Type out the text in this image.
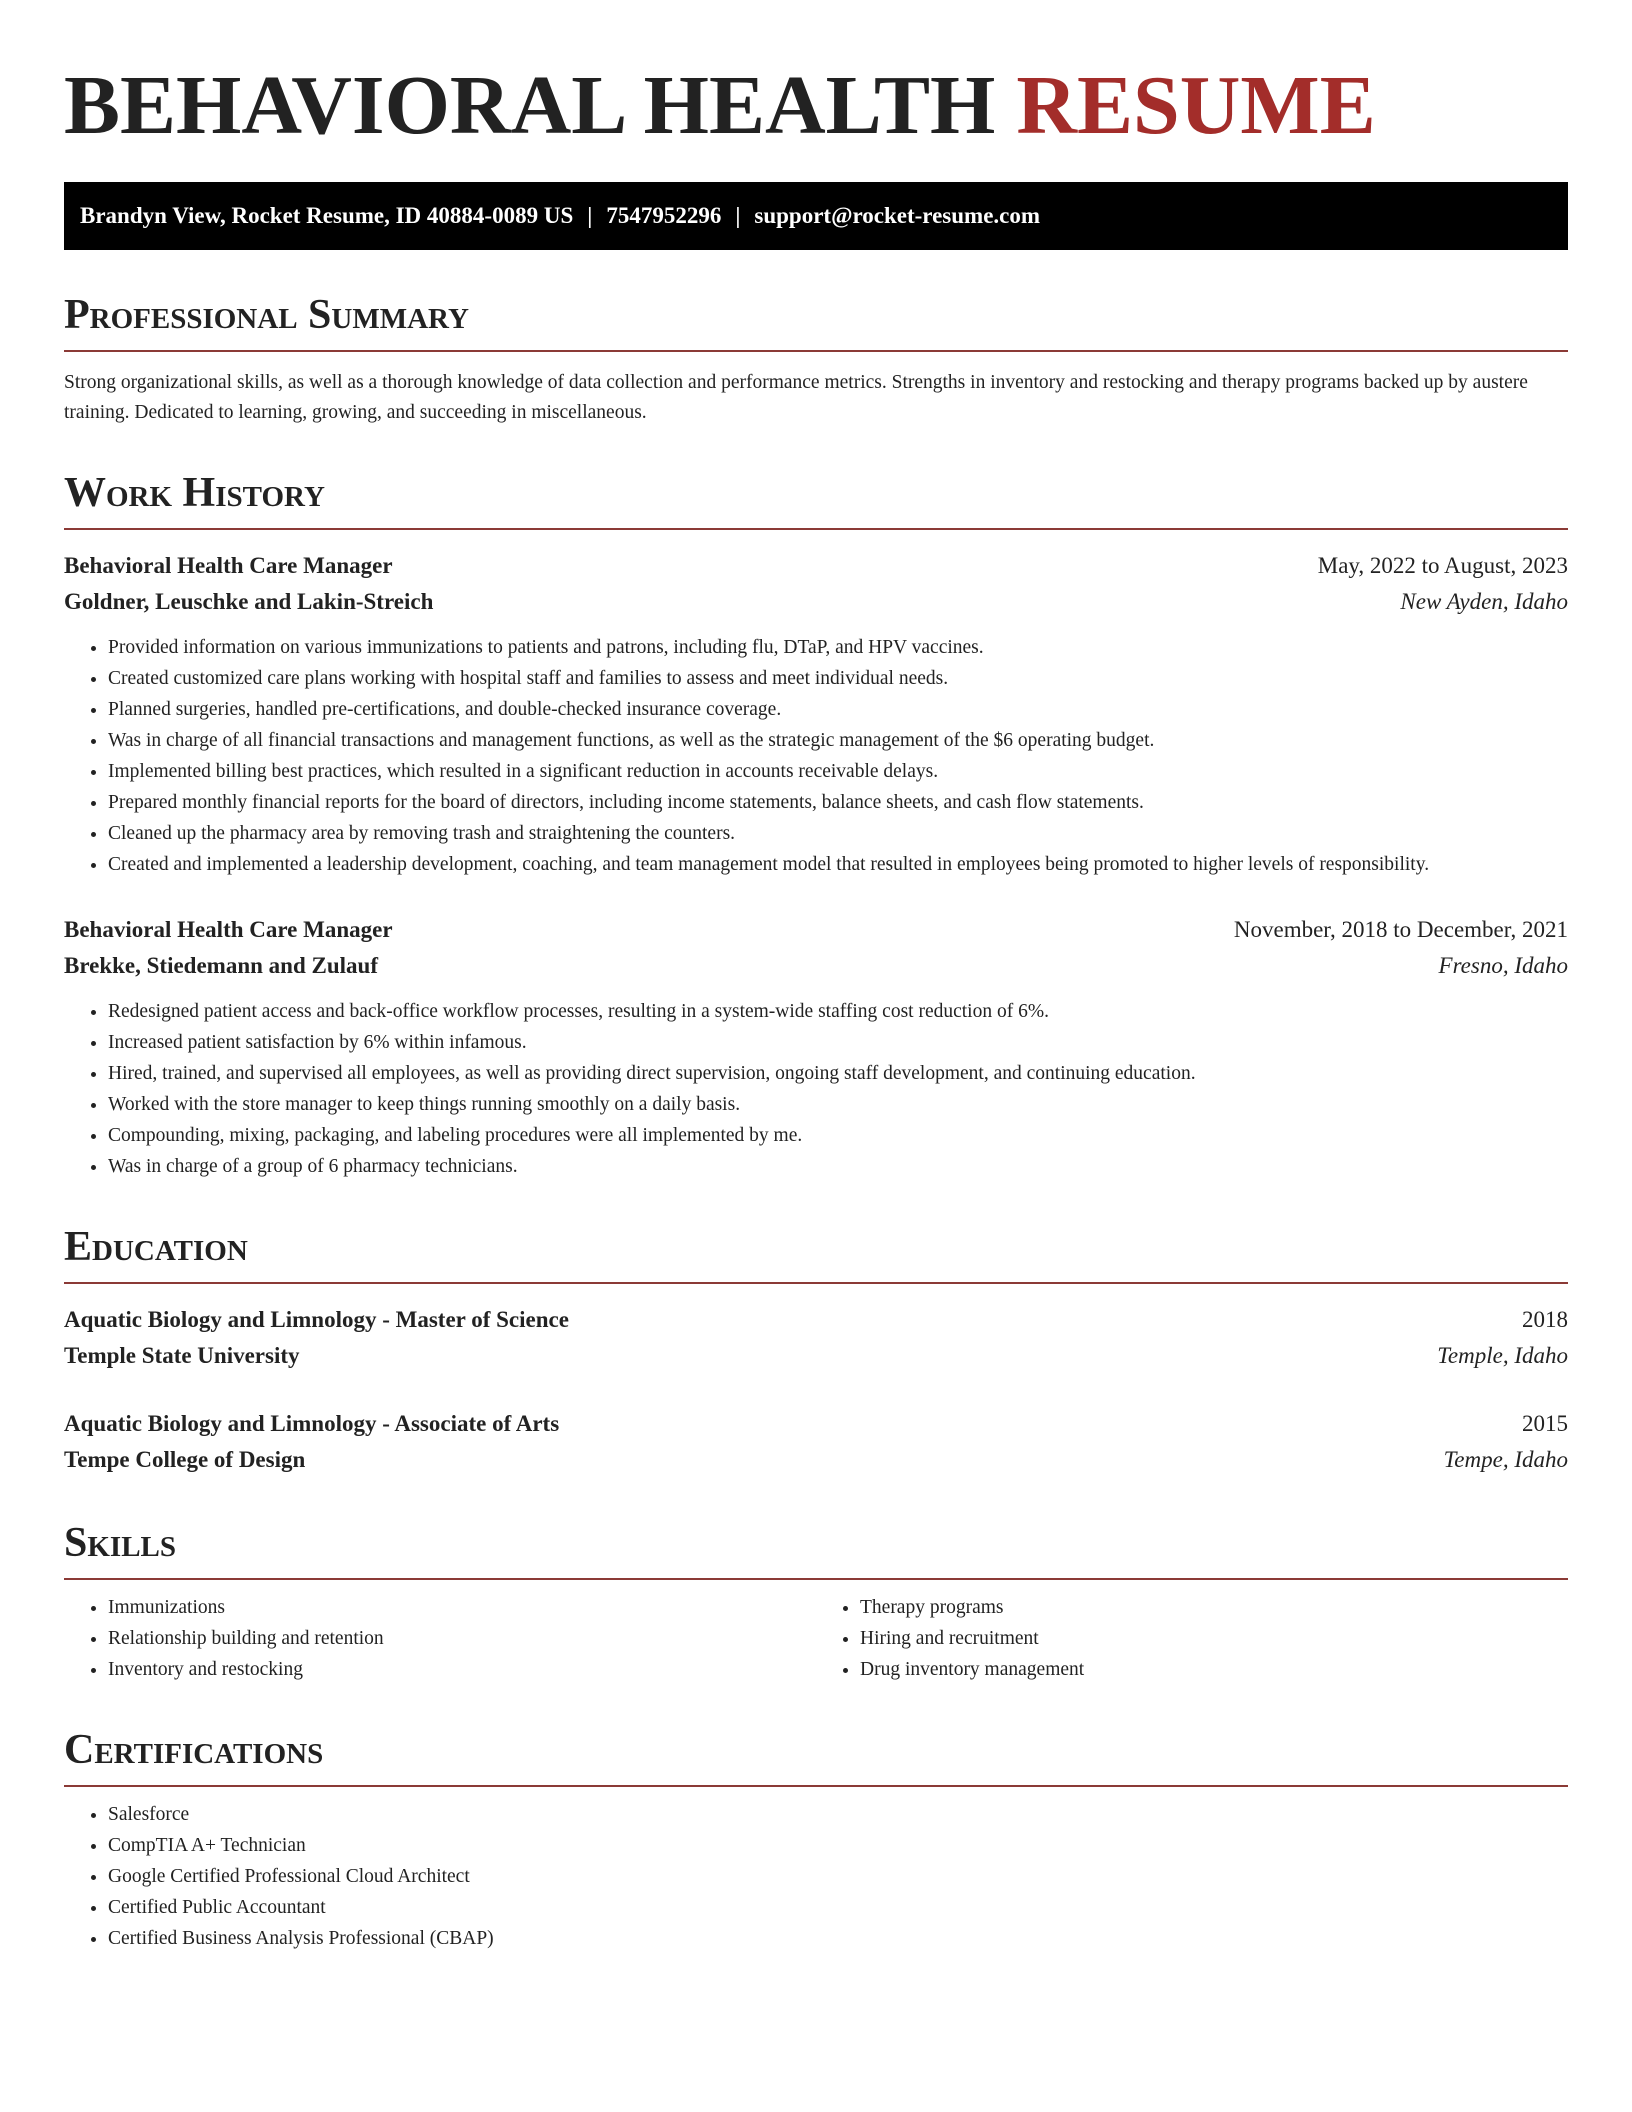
BEHAVIORAL HEALTH RESUME
Brandyn View, Rocket Resume, ID 40884-0089 US | 7547952296 | support@rocket-resume.com
Professional Summary
Strong organizational skills, as well as a thorough knowledge of data collection and performance metrics. Strengths in inventory and restocking and therapy programs backed up by austere training. Dedicated to learning, growing, and succeeding in miscellaneous.
Work History
Behavioral Health Care Manager	May, 2022 to August, 2023
Goldner, Leuschke and Lakin-Streich	New Ayden, Idaho
• Provided information on various immunizations to patients and patrons, including flu, DTaP, and HPV vaccines.
• Created customized care plans working with hospital staff and families to assess and meet individual needs.
• Planned surgeries, handled pre-certifications, and double-checked insurance coverage.
• Was in charge of all financial transactions and management functions, as well as the strategic management of the $6 operating budget.
• Implemented billing best practices, which resulted in a significant reduction in accounts receivable delays.
• Prepared monthly financial reports for the board of directors, including income statements, balance sheets, and cash flow statements.
• Cleaned up the pharmacy area by removing trash and straightening the counters.
• Created and implemented a leadership development, coaching, and team management model that resulted in employees being promoted to higher levels of responsibility.
Behavioral Health Care Manager	November, 2018 to December, 2021
Brekke, Stiedemann and Zulauf	Fresno, Idaho
• Redesigned patient access and back-office workflow processes, resulting in a system-wide staffing cost reduction of 6%.
• Increased patient satisfaction by 6% within infamous.
• Hired, trained, and supervised all employees, as well as providing direct supervision, ongoing staff development, and continuing education.
• Worked with the store manager to keep things running smoothly on a daily basis.
• Compounding, mixing, packaging, and labeling procedures were all implemented by me.
• Was in charge of a group of 6 pharmacy technicians.
Education
Aquatic Biology and Limnology - Master of Science	2018
Temple State University	Temple, Idaho
Aquatic Biology and Limnology - Associate of Arts	2015
Tempe College of Design	Tempe, Idaho
Skills
• Immunizations
• Relationship building and retention
• Inventory and restocking
• Therapy programs
• Hiring and recruitment
• Drug inventory management
Certifications
• Salesforce
• CompTIA A+ Technician
• Google Certified Professional Cloud Architect
• Certified Public Accountant
• Certified Business Analysis Professional (CBAP)
